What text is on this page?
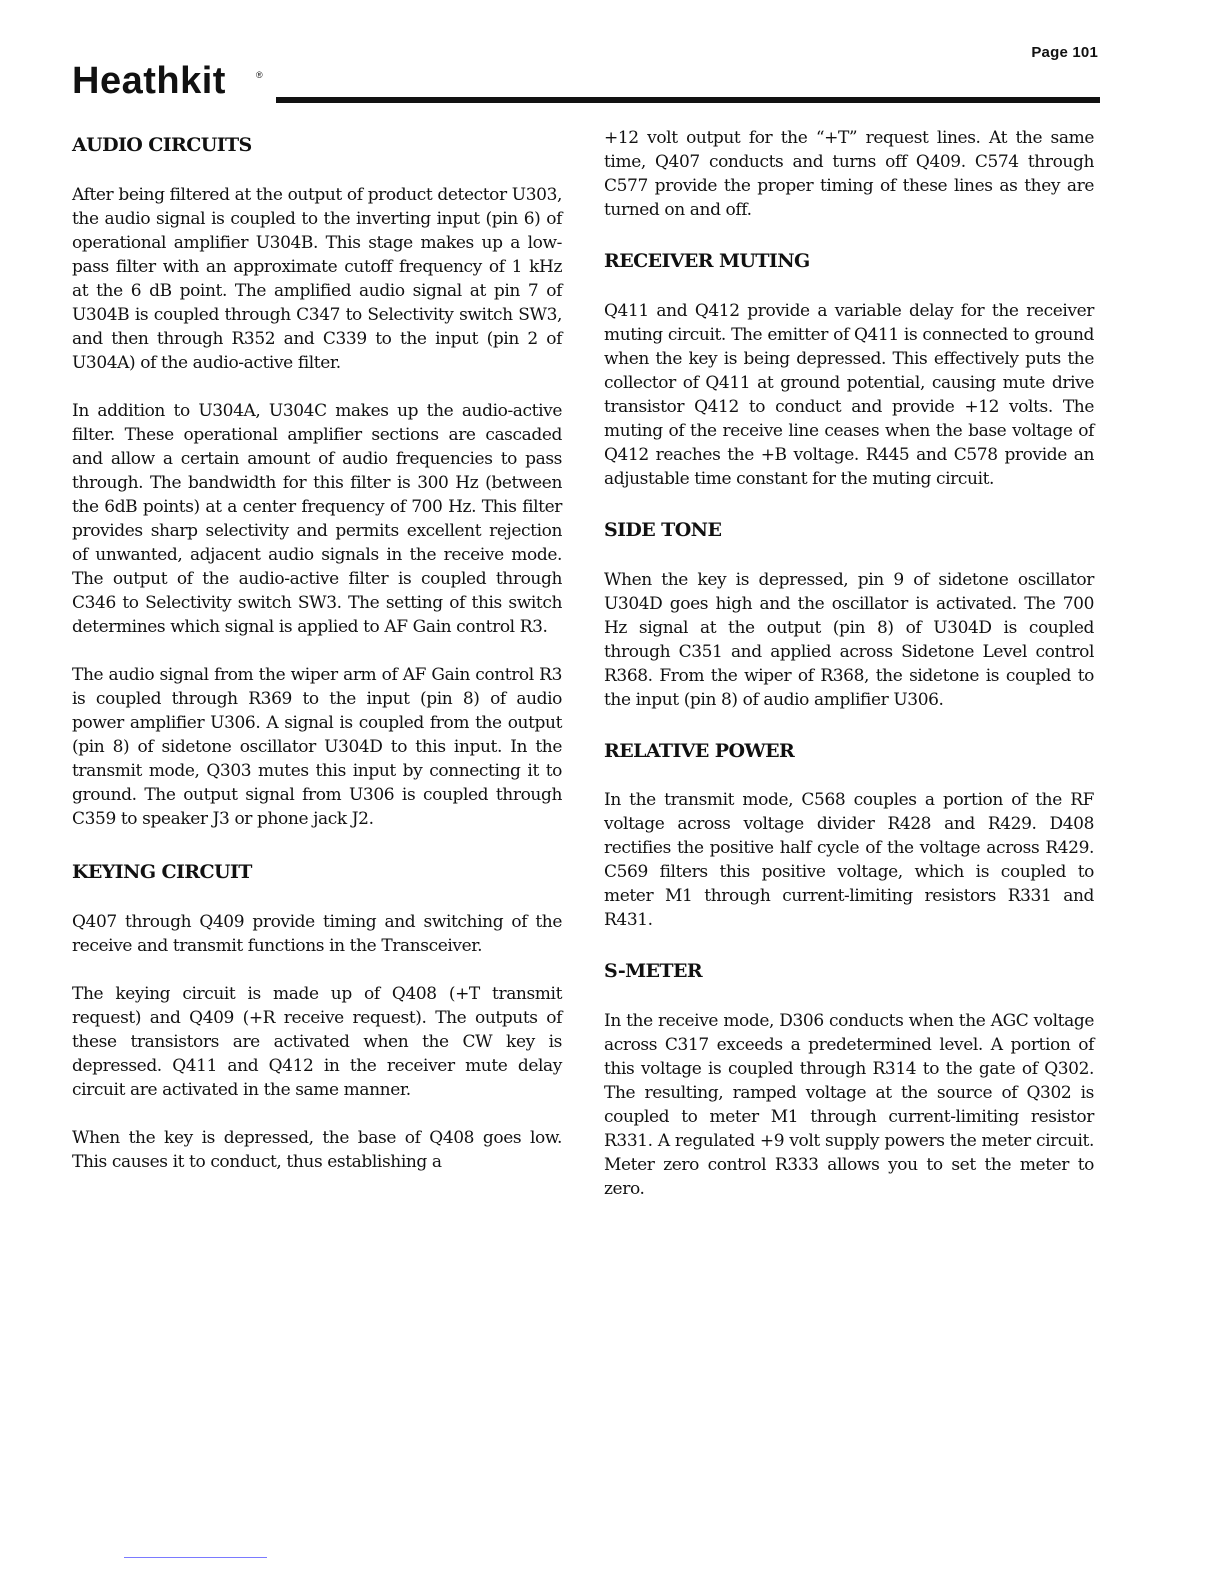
Page 101
Heathkit	®
AUDIO CIRCUITS

After being filtered at the output of product detector U303, the audio signal is coupled to the inverting input (pin 6) of operational amplifier U304B. This stage makes up a low-pass filter with an approximate cutoff frequency of 1 kHz at the 6 dB point. The amplified audio signal at pin 7 of U304B is coupled through C347 to Selectivity switch SW3, and then through R352 and C339 to the input (pin 2 of U304A) of the audio-active filter.

In addition to U304A, U304C makes up the audio-active filter. These operational amplifier sections are cascaded and allow a certain amount of audio frequencies to pass through. The bandwidth for this filter is 300 Hz (between the 6dB points) at a center frequency of 700 Hz. This filter provides sharp selectivity and permits excellent rejection of unwanted, adjacent audio signals in the receive mode. The output of the audio-active filter is coupled through C346 to Selectivity switch SW3. The setting of this switch determines which signal is applied to AF Gain control R3.

The audio signal from the wiper arm of AF Gain control R3 is coupled through R369 to the input (pin 8) of audio power amplifier U306. A signal is coupled from the output (pin 8) of sidetone oscillator U304D to this input. In the transmit mode, Q303 mutes this input by connecting it to ground. The output signal from U306 is coupled through C359 to speaker J3 or phone jack J2.

KEYING CIRCUIT

Q407 through Q409 provide timing and switching of the receive and transmit functions in the Transceiver.

The keying circuit is made up of Q408 (+T transmit request) and Q409 (+R receive request). The outputs of these transistors are activated when the CW key is depressed. Q411 and Q412 in the receiver mute delay circuit are activated in the same manner.

When the key is depressed, the base of Q408 goes low. This causes it to conduct, thus establishing a

+12 volt output for the “+T” request lines. At the same time, Q407 conducts and turns off Q409. C574 through C577 provide the proper timing of these lines as they are turned on and off.

RECEIVER MUTING

Q411 and Q412 provide a variable delay for the receiver muting circuit. The emitter of Q411 is connected to ground when the key is being depressed. This effectively puts the collector of Q411 at ground potential, causing mute drive transistor Q412 to conduct and provide +12 volts. The muting of the receive line ceases when the base voltage of Q412 reaches the +B voltage. R445 and C578 provide an adjustable time constant for the muting circuit.

SIDE TONE

When the key is depressed, pin 9 of sidetone oscillator U304D goes high and the oscillator is activated. The 700 Hz signal at the output (pin 8) of U304D is coupled through C351 and applied across Sidetone Level control R368. From the wiper of R368, the sidetone is coupled to the input (pin 8) of audio amplifier U306.

RELATIVE POWER

In the transmit mode, C568 couples a portion of the RF voltage across voltage divider R428 and R429. D408 rectifies the positive half cycle of the voltage across R429. C569 filters this positive voltage, which is coupled to meter M1 through current-limiting resistors R331 and R431.

S-METER

In the receive mode, D306 conducts when the AGC voltage across C317 exceeds a predetermined level. A portion of this voltage is coupled through R314 to the gate of Q302. The resulting, ramped voltage at the source of Q302 is coupled to meter M1 through current-limiting resistor R331. A regulated +9 volt supply powers the meter circuit. Meter zero control R333 allows you to set the meter to zero.
